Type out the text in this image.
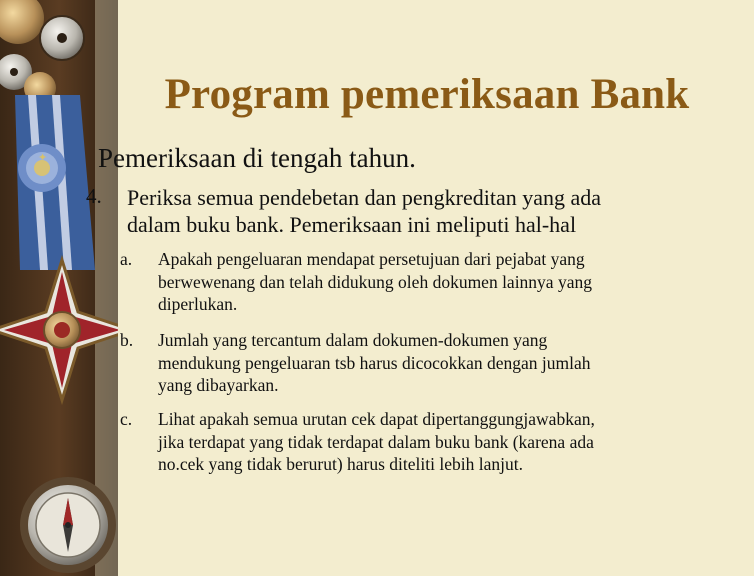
Program pemeriksaan Bank
✦ Pemeriksaan di tengah tahun.
4. Periksa semua pendebetan dan pengkreditan yang ada
dalam buku bank. Pemeriksaan ini meliputi hal-hal
a.	Apakah pengeluaran mendapat persetujuan dari pejabat yang
berwewenang dan telah didukung oleh dokumen lainnya yang
diperlukan.
b.	Jumlah yang tercantum dalam dokumen-dokumen yang
mendukung pengeluaran tsb harus dicocokkan dengan jumlah
yang dibayarkan.
c.	Lihat apakah semua urutan cek dapat dipertanggungjawabkan,
jika terdapat yang tidak terdapat dalam buku bank (karena ada
no.cek yang tidak berurut) harus diteliti lebih lanjut.
